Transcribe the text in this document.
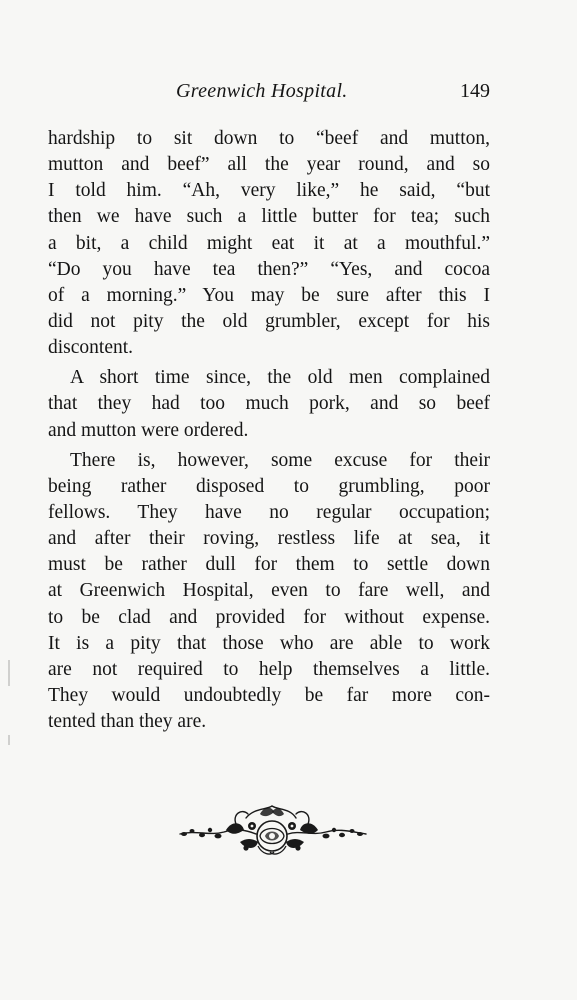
Greenwich Hospital.	149
hardship to sit down to “beef and mutton,
mutton and beef” all the year round, and so
I told him. “Ah, very like,” he said, “but
then we have such a little butter for tea; such
a bit, a child might eat it at a mouthful.”
“Do you have tea then?” “Yes, and cocoa
of a morning.” You may be sure after this I
did not pity the old grumbler, except for his
discontent.
A short time since, the old men complained
that they had too much pork, and so beef
and mutton were ordered.
There is, however, some excuse for their
being rather disposed to grumbling, poor
fellows. They have no regular occupation;
and after their roving, restless life at sea, it
must be rather dull for them to settle down
at Greenwich Hospital, even to fare well, and
to be clad and provided for without expense.
It is a pity that those who are able to work
are not required to help themselves a little.
They would undoubtedly be far more con-
tented than they are.
